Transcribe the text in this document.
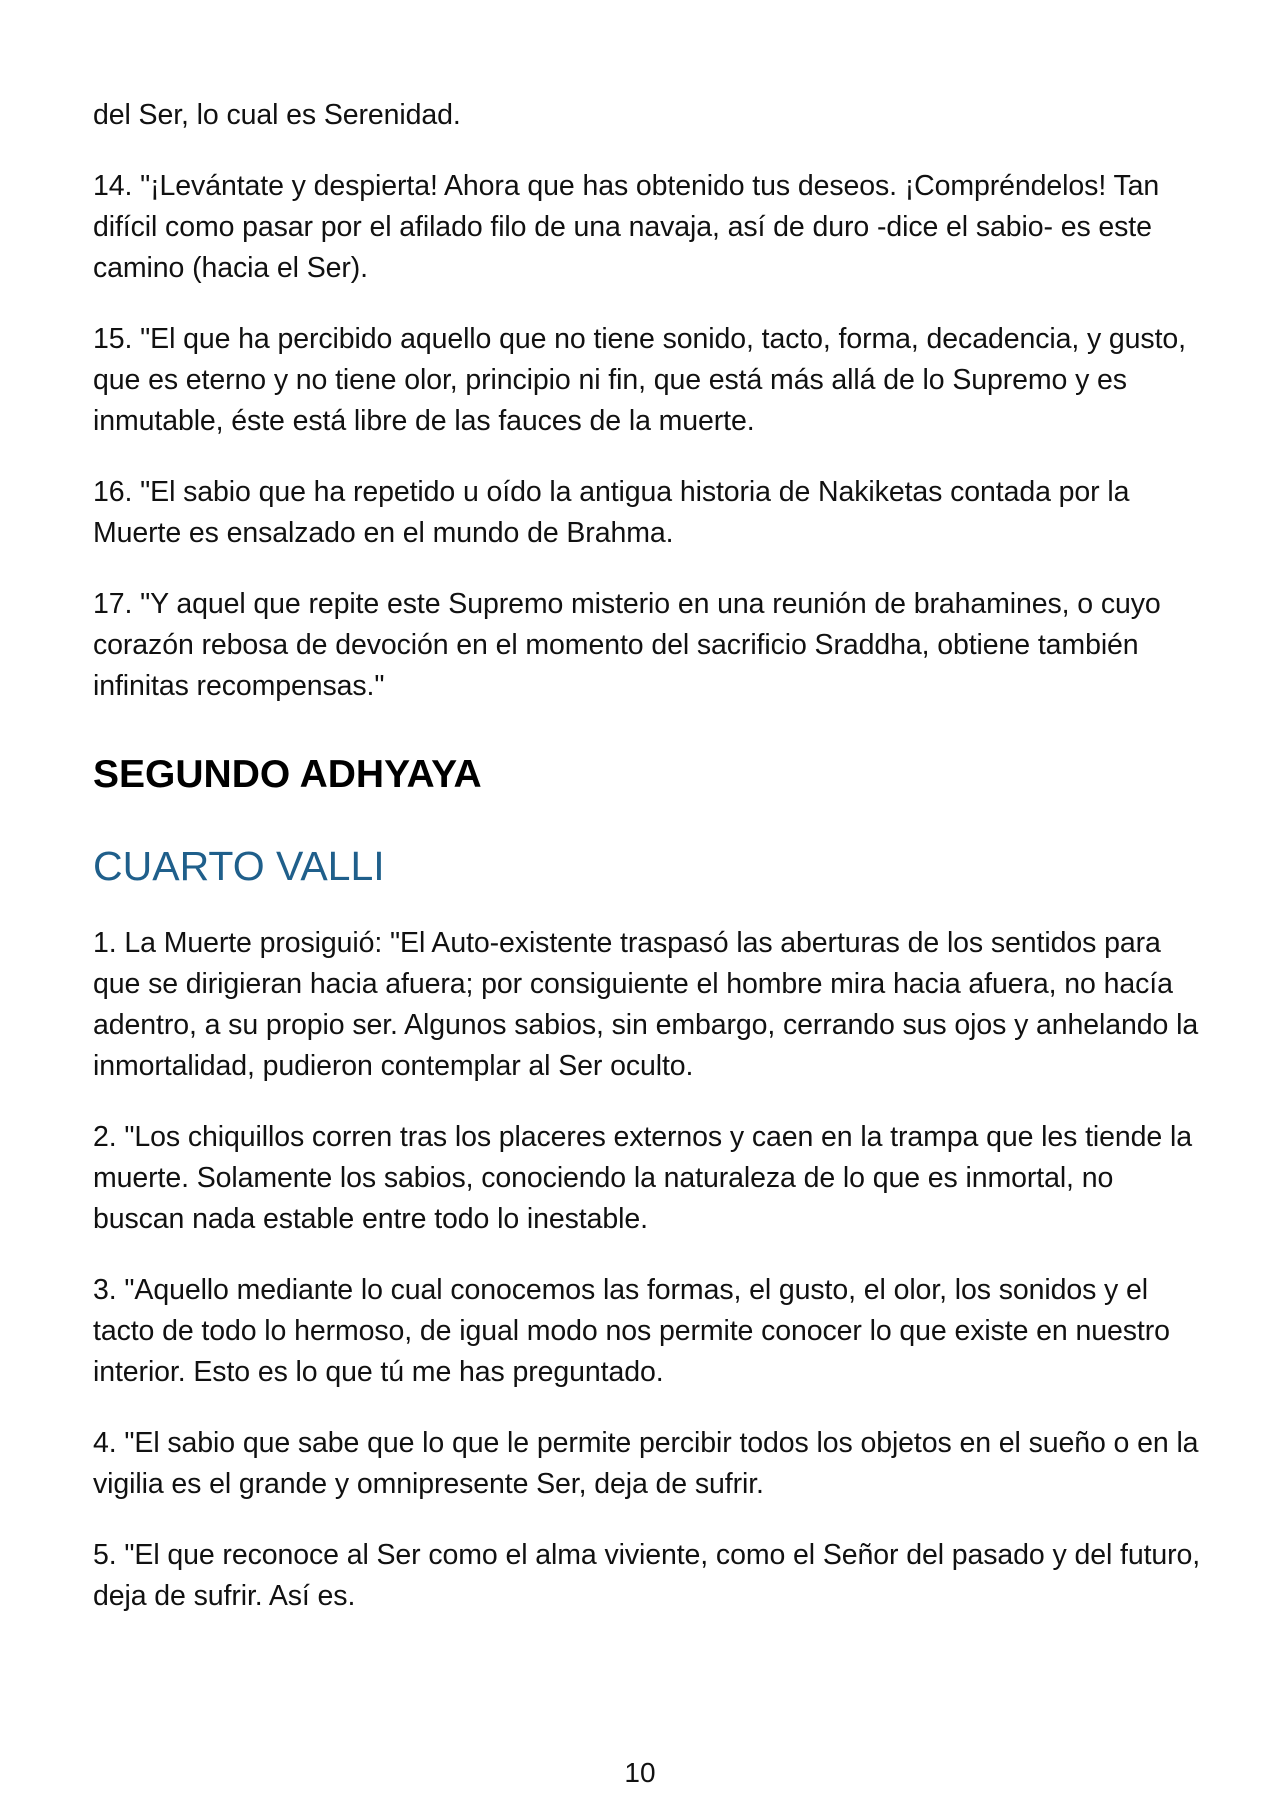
del Ser, lo cual es Serenidad.

14. "¡Levántate y despierta! Ahora que has obtenido tus deseos. ¡Compréndelos! Tan difícil como pasar por el afilado filo de una navaja, así de duro -dice el sabio- es este camino (hacia el Ser).

15. "El que ha percibido aquello que no tiene sonido, tacto, forma, decadencia, y gusto, que es eterno y no tiene olor, principio ni fin, que está más allá de lo Supremo y es inmutable, éste está libre de las fauces de la muerte.

16. "El sabio que ha repetido u oído la antigua historia de Nakiketas contada por la Muerte es ensalzado en el mundo de Brahma.

17. "Y aquel que repite este Supremo misterio en una reunión de brahamines, o cuyo corazón rebosa de devoción en el momento del sacrificio Sraddha, obtiene también infinitas recompensas."

SEGUNDO ADHYAYA
CUARTO VALLI

1. La Muerte prosiguió: "El Auto-existente traspasó las aberturas de los sentidos para que se dirigieran hacia afuera; por consiguiente el hombre mira hacia afuera, no hacía adentro, a su propio ser. Algunos sabios, sin embargo, cerrando sus ojos y anhelando la inmortalidad, pudieron contemplar al Ser oculto.

2. "Los chiquillos corren tras los placeres externos y caen en la trampa que les tiende la muerte. Solamente los sabios, conociendo la naturaleza de lo que es inmortal, no buscan nada estable entre todo lo inestable.

3. "Aquello mediante lo cual conocemos las formas, el gusto, el olor, los sonidos y el tacto de todo lo hermoso, de igual modo nos permite conocer lo que existe en nuestro interior. Esto es lo que tú me has preguntado.

4. "El sabio que sabe que lo que le permite percibir todos los objetos en el sueño o en la vigilia es el grande y omnipresente Ser, deja de sufrir.

5. "El que reconoce al Ser como el alma viviente, como el Señor del pasado y del futuro, deja de sufrir. Así es.

10
